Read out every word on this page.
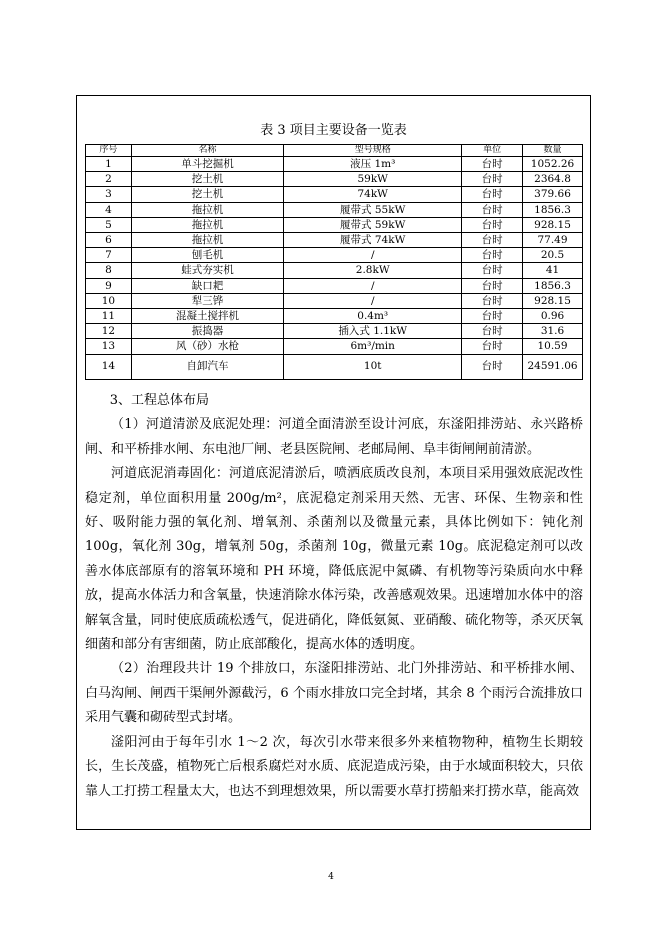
表 3 项目主要设备一览表
序号	名称	型号规格	单位	数量
1	单斗挖掘机	液压 1m³	台时	1052.26
2	挖土机	59kW	台时	2364.8
3	挖土机	74kW	台时	379.66
4	拖拉机	履带式 55kW	台时	1856.3
5	拖拉机	履带式 59kW	台时	928.15
6	拖拉机	履带式 74kW	台时	77.49
7	刨毛机	/	台时	20.5
8	蛙式夯实机	2.8kW	台时	41
9	缺口耙	/	台时	1856.3
10	犁三铧	/	台时	928.15
11	混凝土搅拌机	0.4m³	台时	0.96
12	振捣器	插入式 1.1kW	台时	31.6
13	风（砂）水枪	6m³/min	台时	10.59
14	自卸汽车	10t	台时	24591.06

3、工程总体布局

（1）河道清淤及底泥处理：河道全面清淤至设计河底，东滏阳排涝站、永兴路桥闸、和平桥排水闸、东电池厂闸、老县医院闸、老邮局闸、阜丰街闸闸前清淤。

河道底泥消毒固化：河道底泥清淤后，喷洒底质改良剂，本项目采用强效底泥改性稳定剂，单位面积用量 200g/m²，底泥稳定剂采用天然、无害、环保、生物亲和性好、吸附能力强的氧化剂、增氧剂、杀菌剂以及微量元素，具体比例如下：钝化剂 100g，氧化剂 30g，增氧剂 50g，杀菌剂 10g，微量元素 10g。底泥稳定剂可以改善水体底部原有的溶氧环境和 PH 环境，降低底泥中氮磷、有机物等污染质向水中释放，提高水体活力和含氧量，快速消除水体污染，改善感观效果。迅速增加水体中的溶解氧含量，同时使底质疏松透气，促进硝化，降低氨氮、亚硝酸、硫化物等，杀灭厌氧细菌和部分有害细菌，防止底部酸化，提高水体的透明度。

（2）治理段共计 19 个排放口，东滏阳排涝站、北门外排涝站、和平桥排水闸、白马沟闸、闸西干渠闸外源截污，6 个雨水排放口完全封堵，其余 8 个雨污合流排放口采用气囊和砌砖型式封堵。

滏阳河由于每年引水 1～2 次，每次引水带来很多外来植物物种，植物生长期较长，生长茂盛，植物死亡后根系腐烂对水质、底泥造成污染，由于水域面积较大，只依靠人工打捞工程量太大，也达不到理想效果，所以需要水草打捞船来打捞水草，能高效

4
